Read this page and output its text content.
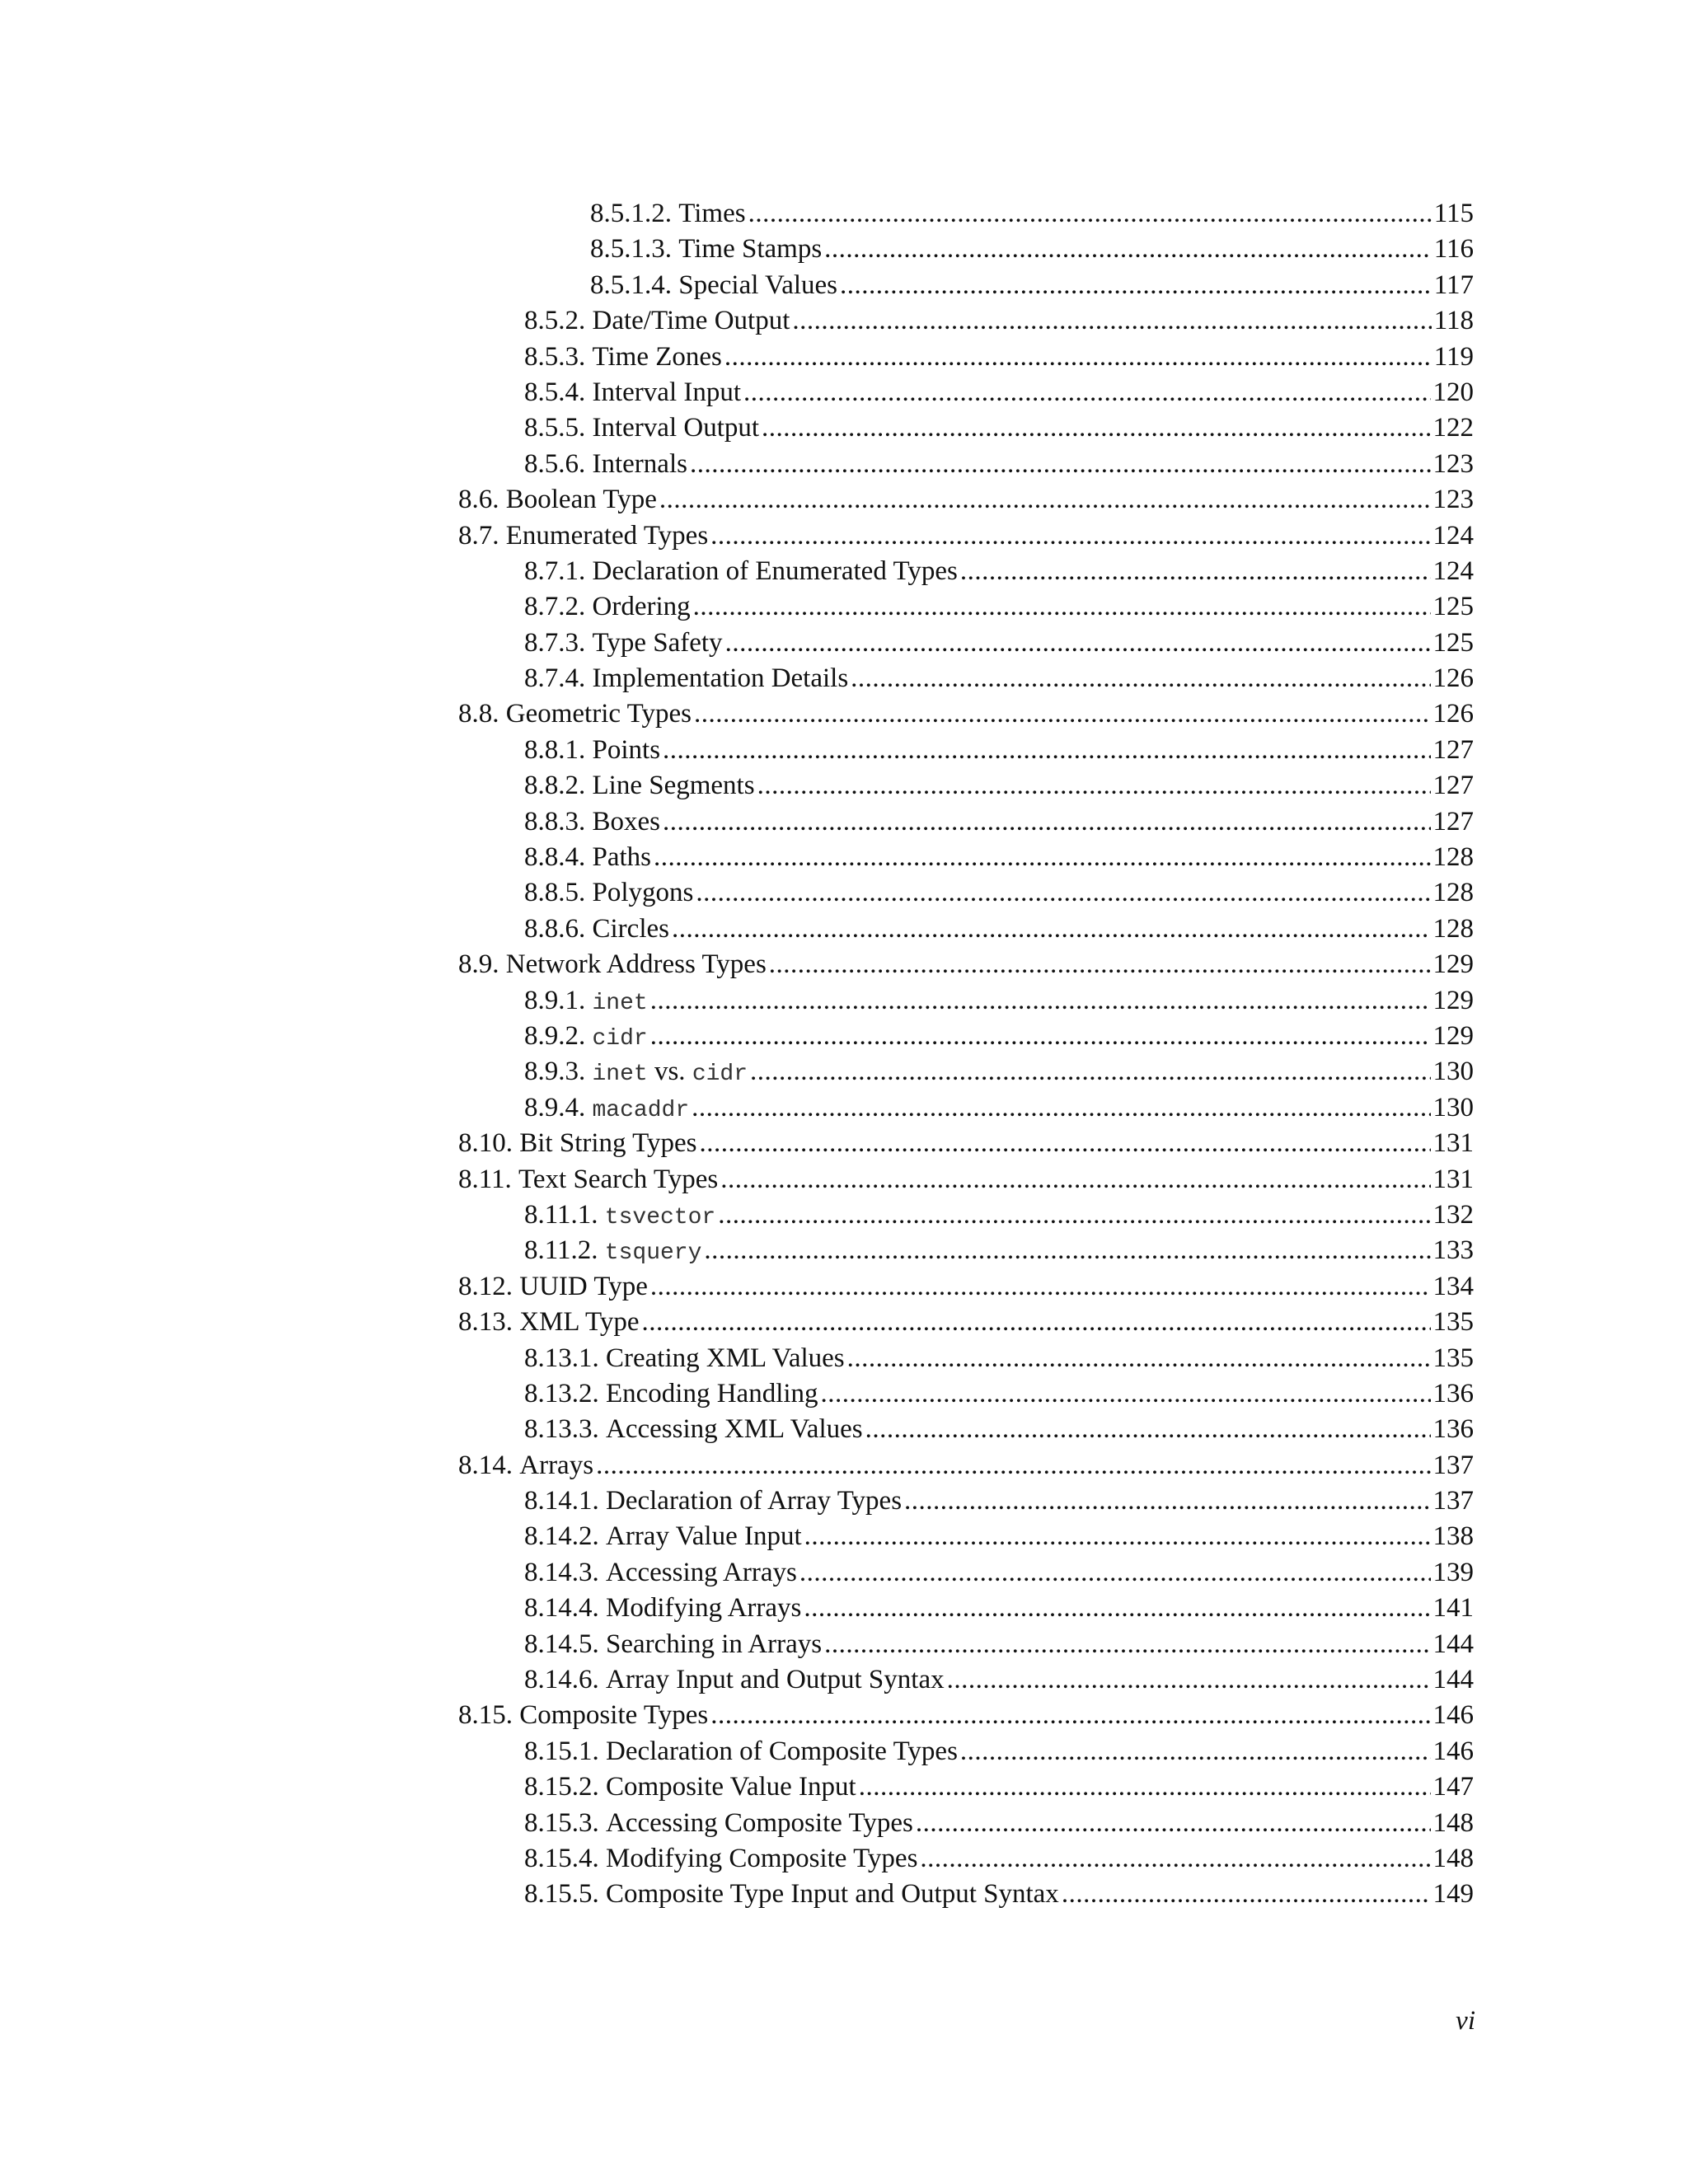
8.5.1.2. Times .....	115
8.5.1.3. Time Stamps .....	116
8.5.1.4. Special Values .....	117
8.5.2. Date/Time Output .....	118
8.5.3. Time Zones .....	119
8.5.4. Interval Input .....	120
8.5.5. Interval Output .....	122
8.5.6. Internals .....	123
8.6. Boolean Type .....	123
8.7. Enumerated Types .....	124
8.7.1. Declaration of Enumerated Types .....	124
8.7.2. Ordering .....	125
8.7.3. Type Safety .....	125
8.7.4. Implementation Details .....	126
8.8. Geometric Types .....	126
8.8.1. Points .....	127
8.8.2. Line Segments .....	127
8.8.3. Boxes .....	127
8.8.4. Paths .....	128
8.8.5. Polygons .....	128
8.8.6. Circles .....	128
8.9. Network Address Types .....	129
8.9.1. inet .....	129
8.9.2. cidr .....	129
8.9.3. inet vs. cidr .....	130
8.9.4. macaddr .....	130
8.10. Bit String Types .....	131
8.11. Text Search Types .....	131
8.11.1. tsvector .....	132
8.11.2. tsquery .....	133
8.12. UUID Type .....	134
8.13. XML Type .....	135
8.13.1. Creating XML Values .....	135
8.13.2. Encoding Handling .....	136
8.13.3. Accessing XML Values .....	136
8.14. Arrays .....	137
8.14.1. Declaration of Array Types .....	137
8.14.2. Array Value Input .....	138
8.14.3. Accessing Arrays .....	139
8.14.4. Modifying Arrays .....	141
8.14.5. Searching in Arrays .....	144
8.14.6. Array Input and Output Syntax .....	144
8.15. Composite Types .....	146
8.15.1. Declaration of Composite Types .....	146
8.15.2. Composite Value Input .....	147
8.15.3. Accessing Composite Types .....	148
8.15.4. Modifying Composite Types .....	148
8.15.5. Composite Type Input and Output Syntax .....	149
vi
